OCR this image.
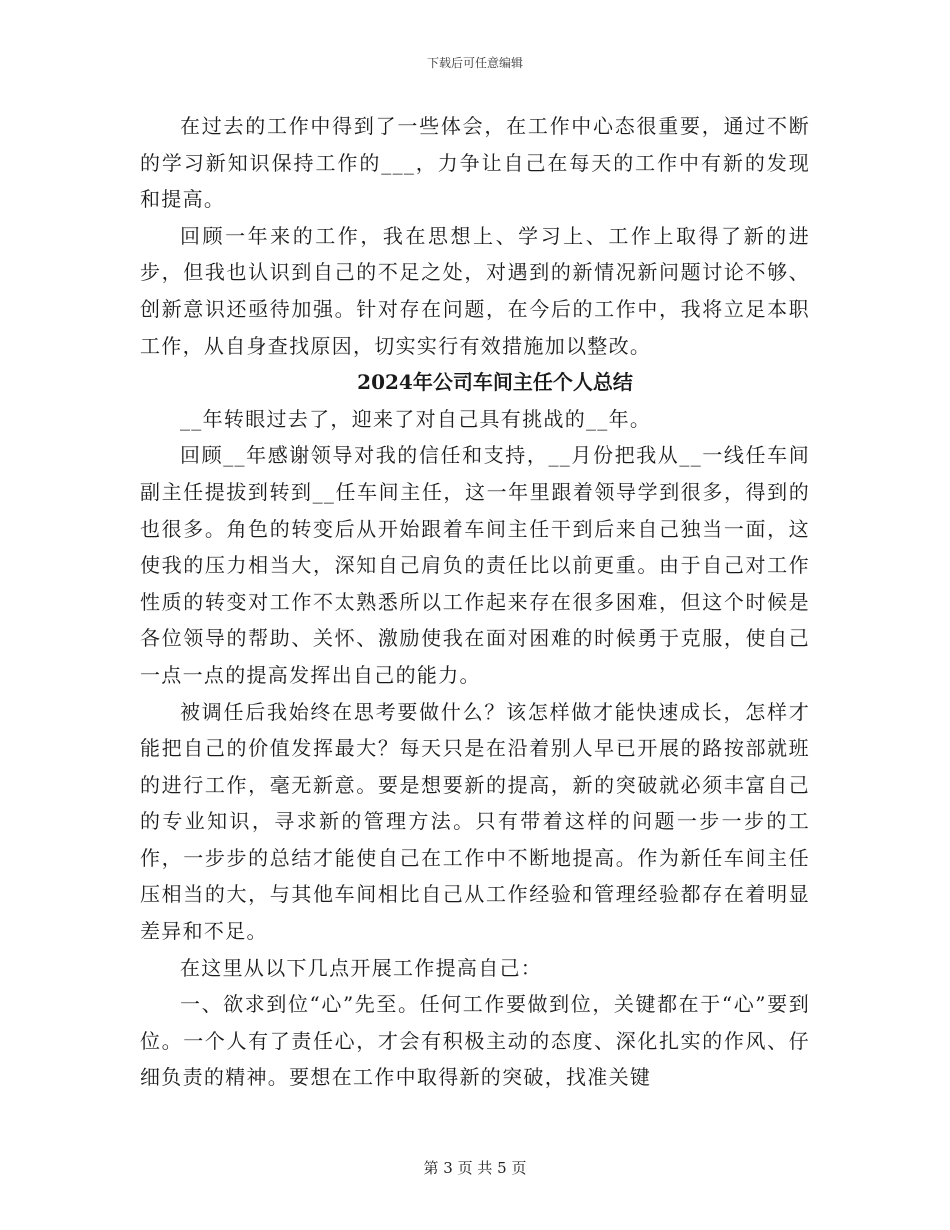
下载后可任意编辑

在过去的工作中得到了一些体会，在工作中心态很重要，通过不断的学习新知识保持工作的___，力争让自己在每天的工作中有新的发现和提高。

回顾一年来的工作，我在思想上、学习上、工作上取得了新的进步，但我也认识到自己的不足之处，对遇到的新情况新问题讨论不够、创新意识还亟待加强。针对存在问题，在今后的工作中，我将立足本职工作，从自身查找原因，切实实行有效措施加以整改。

2024年公司车间主任个人总结

__年转眼过去了，迎来了对自己具有挑战的__年。

回顾__年感谢领导对我的信任和支持，__月份把我从__一线任车间副主任提拔到转到__任车间主任，这一年里跟着领导学到很多，得到的也很多。角色的转变后从开始跟着车间主任干到后来自己独当一面，这使我的压力相当大，深知自己肩负的责任比以前更重。由于自己对工作性质的转变对工作不太熟悉所以工作起来存在很多困难，但这个时候是各位领导的帮助、关怀、激励使我在面对困难的时候勇于克服，使自己一点一点的提高发挥出自己的能力。

被调任后我始终在思考要做什么？该怎样做才能快速成长，怎样才能把自己的价值发挥最大？每天只是在沿着别人早已开展的路按部就班的进行工作，毫无新意。要是想要新的提高，新的突破就必须丰富自己的专业知识，寻求新的管理方法。只有带着这样的问题一步一步的工作，一步步的总结才能使自己在工作中不断地提高。作为新任车间主任压相当的大，与其他车间相比自己从工作经验和管理经验都存在着明显差异和不足。

在这里从以下几点开展工作提高自己：

一、欲求到位“心”先至。任何工作要做到位，关键都在于“心”要到位。一个人有了责任心，才会有积极主动的态度、深化扎实的作风、仔细负责的精神。要想在工作中取得新的突破，找准关键

第 3 页 共 5 页
